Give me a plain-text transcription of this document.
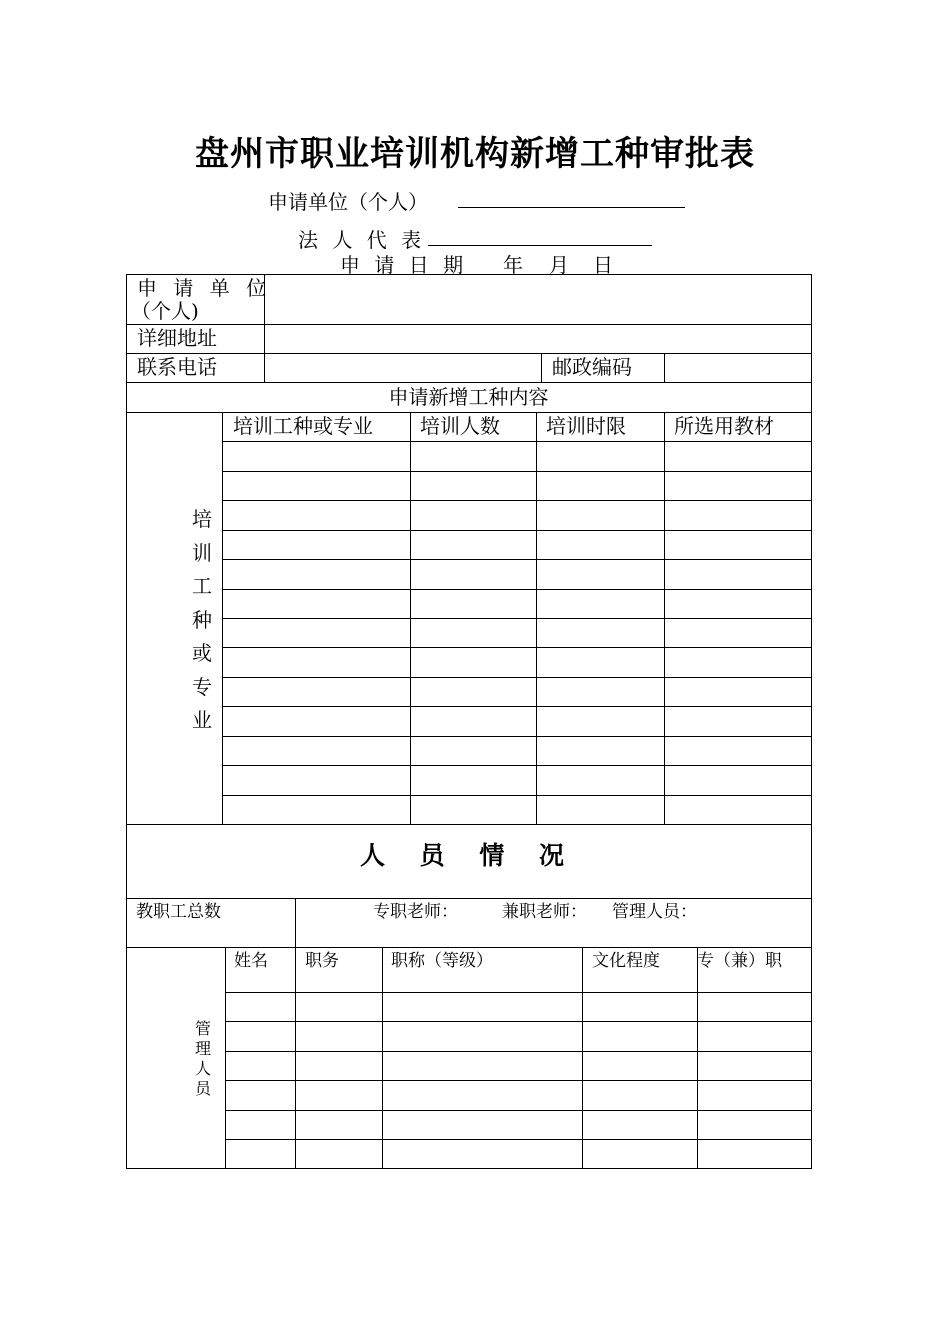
盘州市职业培训机构新增工种审批表
申请单位（个人）
法 人 代 表
申 请 日 期 年 月 日
申 请 单 位
（个人)
详细地址
联系电话	邮政编码
申请新增工种内容
培训工种或专业
培训工种或专业 培训人数 培训时限 所选用教材
人 员 情 况
教职工总数	专职老师：	兼职老师： 管理人员：
管理人员
姓名 职务	职称（等级）	文化程度 专（兼）职
